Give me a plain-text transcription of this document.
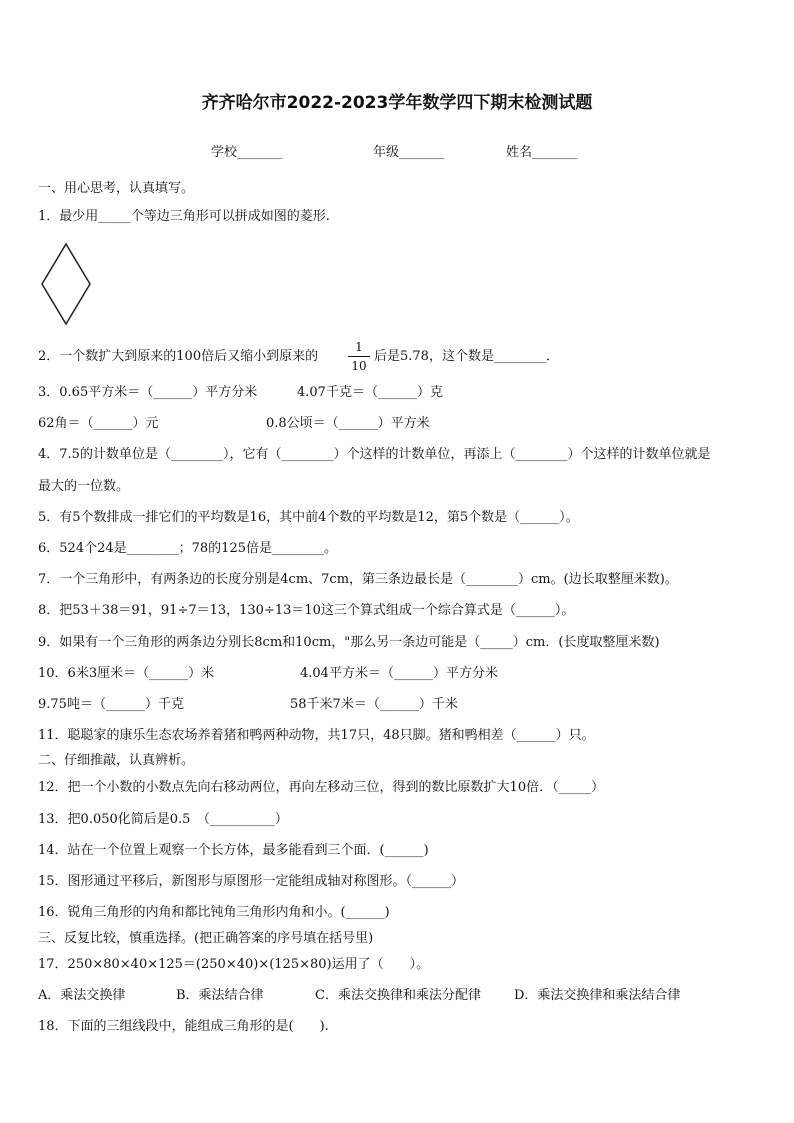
齐齐哈尔市2022-2023学年数学四下期末检测试题
学校_______	年级_______	姓名_______
一、用心思考，认真填写。
1．最少用_____个等边三角形可以拼成如图的菱形.
2．一个数扩大到原来的100倍后又缩小到原来的
1
10
后是5.78，这个数是________．
3．0.65平方米＝（______）平方分米	4.07千克＝（______）克
62角＝（______）元	0.8公顷＝（______）平方米
4．7.5的计数单位是（________），它有（________）个这样的计数单位，再添上（________）个这样的计数单位就是
最大的一位数。
5．有5个数排成一排它们的平均数是16，其中前4个数的平均数是12，第5个数是（______）。
6．524个24是________；78的125倍是________。
7．一个三角形中，有两条边的长度分别是4cm、7cm，第三条边最长是（________）cm。(边长取整厘米数)。
8．把53＋38＝91，91÷7＝13，130÷13＝10这三个算式组成一个综合算式是（______）。
9．如果有一个三角形的两条边分别长8cm和10cm，"那么另一条边可能是（_____）cm．(长度取整厘米数)
10．6米3厘米＝（______）米	4.04平方米＝（______）平方分米
9.75吨＝（______）千克	58千米7米＝（______）千米
11．聪聪家的康乐生态农场养着猪和鸭两种动物，共17只，48只脚。猪和鸭相差（______）只。
二、仔细推敲，认真辨析。
12．把一个小数的小数点先向右移动两位，再向左移动三位，得到的数比原数扩大10倍．（_____）
13．把0.050化简后是0.5　（__________）
14．站在一个位置上观察一个长方体，最多能看到三个面．(______)
15．图形通过平移后，新图形与原图形一定能组成轴对称图形。（______）
16．锐角三角形的内角和都比钝角三角形内角和小。(______)
三、反复比较，慎重选择。(把正确答案的序号填在括号里)
17．250×80×40×125＝(250×40)×(125×80)运用了（　　）。
A．乘法交换律	B．乘法结合律	C．乘法交换律和乘法分配律	D．乘法交换律和乘法结合律
18．下面的三组线段中，能组成三角形的是(　　).
